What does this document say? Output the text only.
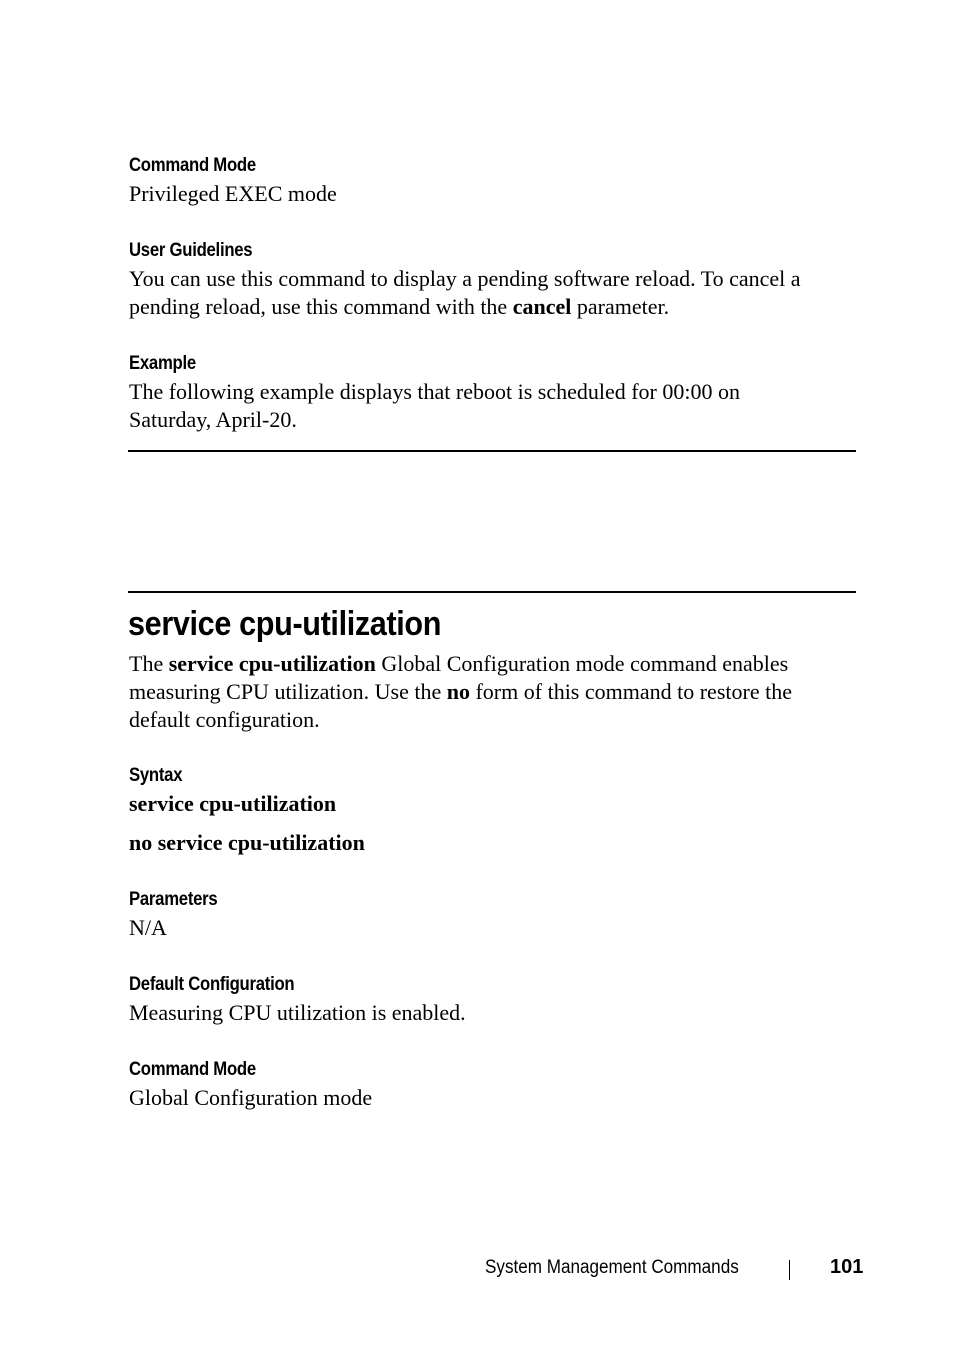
Command Mode
Privileged EXEC mode
User Guidelines
You can use this command to display a pending software reload. To cancel a
pending reload, use this command with the cancel parameter.
Example
The following example displays that reboot is scheduled for 00:00 on
Saturday, April-20.
service cpu-utilization
The service cpu-utilization Global Configuration mode command enables
measuring CPU utilization. Use the no form of this command to restore the
default configuration.
Syntax
service cpu-utilization
no service cpu-utilization
Parameters
N/A
Default Configuration
Measuring CPU utilization is enabled.
Command Mode
Global Configuration mode
System Management Commands	101
